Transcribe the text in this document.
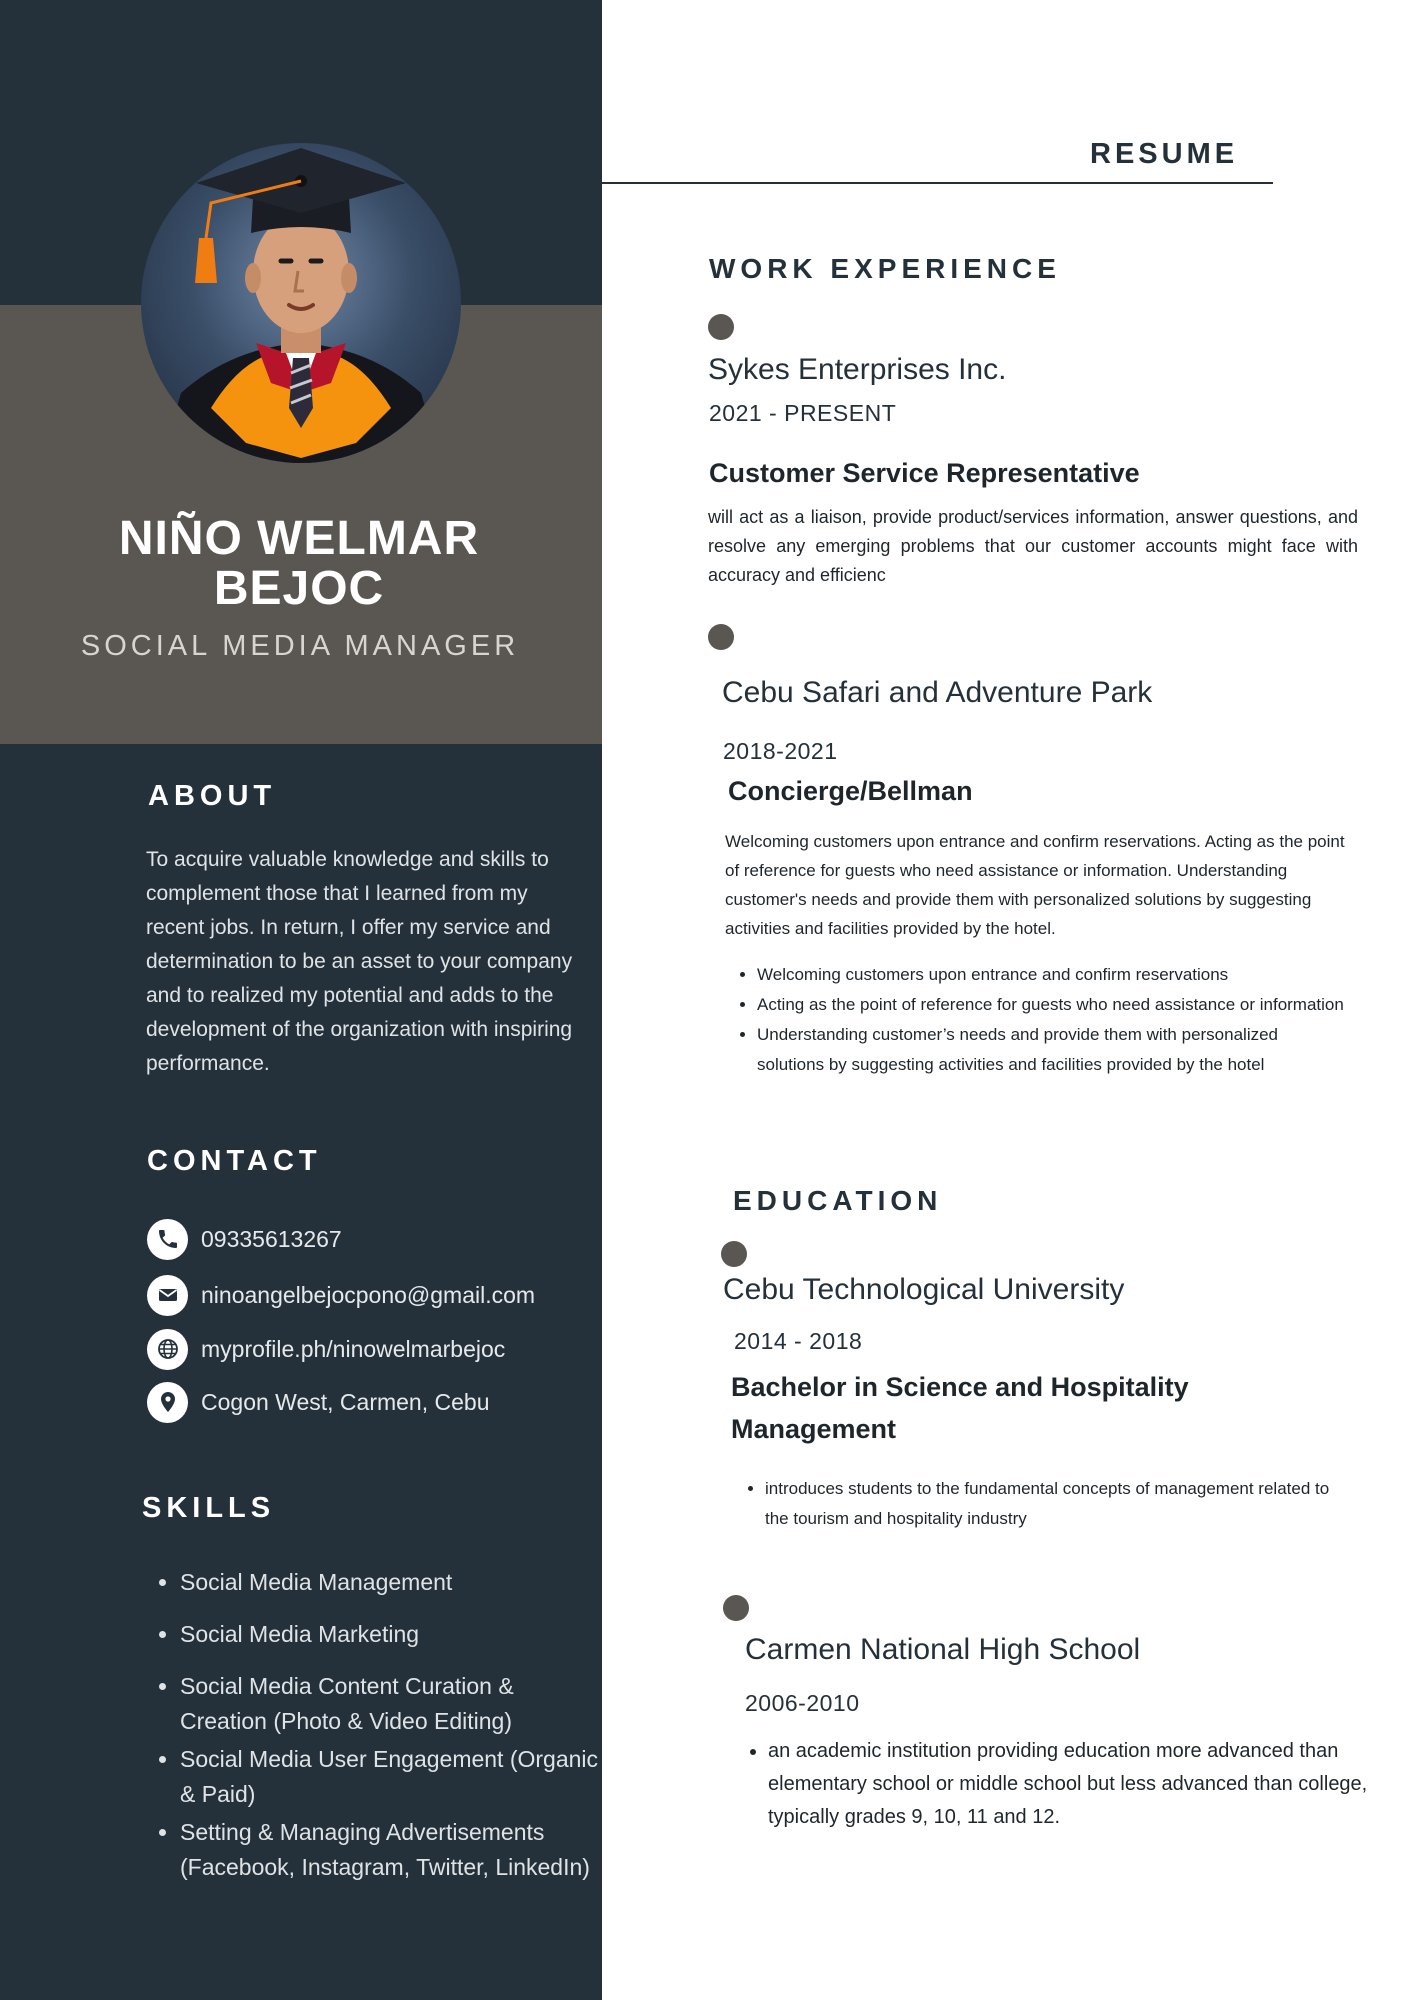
NIÑO WELMAR
BEJOC
SOCIAL MEDIA MANAGER
ABOUT
To acquire valuable knowledge and skills to complement those that I learned from my recent jobs. In return, I offer my service and determination to be an asset to your company and to realized my potential and adds to the development of the organization with inspiring performance.
CONTACT
09335613267
ninoangelbejocpono@gmail.com
myprofile.ph/ninowelmarbejoc
Cogon West, Carmen, Cebu
SKILLS
• Social Media Management
• Social Media Marketing
• Social Media Content Curation & Creation (Photo & Video Editing)
• Social Media User Engagement (Organic & Paid)
• Setting & Managing Advertisements (Facebook, Instagram, Twitter, LinkedIn)
RESUME
WORK EXPERIENCE
Sykes Enterprises Inc.
2021 - PRESENT
Customer Service Representative
will act as a liaison, provide product/services information, answer questions, and resolve any emerging problems that our customer accounts might face with accuracy and efficienc
Cebu Safari and Adventure Park
2018-2021
Concierge/Bellman
Welcoming customers upon entrance and confirm reservations. Acting as the point of reference for guests who need assistance or information. Understanding customer's needs and provide them with personalized solutions by suggesting activities and facilities provided by the hotel.
• Welcoming customers upon entrance and confirm reservations
• Acting as the point of reference for guests who need assistance or information
• Understanding customer’s needs and provide them with personalized solutions by suggesting activities and facilities provided by the hotel
EDUCATION
Cebu Technological University
2014 - 2018
Bachelor in Science and Hospitality Management
• introduces students to the fundamental concepts of management related to the tourism and hospitality industry
Carmen National High School
2006-2010
• an academic institution providing education more advanced than elementary school or middle school but less advanced than college, typically grades 9, 10, 11 and 12.
